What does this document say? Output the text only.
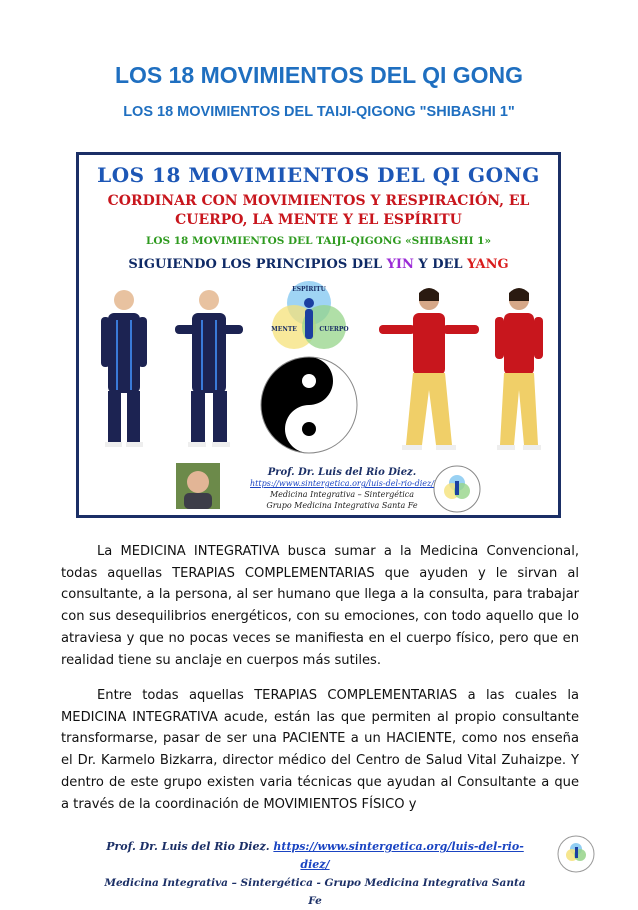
LOS 18 MOVIMIENTOS DEL QI GONG
LOS 18 MOVIMIENTOS DEL TAIJI-QIGONG "SHIBASHI 1"
LOS 18 MOVIMIENTOS DEL QI GONG
CORDINAR CON MOVIMIENTOS Y RESPIRACIÓN, EL
CUERPO, LA MENTE Y EL ESPÍRITU
LOS 18 MOVIMIENTOS DEL TAIJI-QIGONG «SHIBASHI 1»
SIGUIENDO LOS PRINCIPIOS DEL YIN Y DEL YANG
ESPÍRITU
MENTE	CUERPO
Prof. Dr. Luis del Rio Diez.
https://www.sintergetica.org/luis-del-rio-diez/
Medicina Integrativa – Sintergética
Grupo Medicina Integrativa Santa Fe

La MEDICINA INTEGRATIVA busca sumar a la Medicina Convencional, todas aquellas TERAPIAS COMPLEMENTARIAS que ayuden y le sirvan al consultante, a la persona, al ser humano que llega a la consulta, para trabajar con sus desequilibrios energéticos, con su emociones, con todo aquello que lo atraviesa y que no pocas veces se manifiesta en el cuerpo físico, pero que en realidad tiene su anclaje en cuerpos más sutiles.

Entre todas aquellas TERAPIAS COMPLEMENTARIAS a las cuales la MEDICINA INTEGRATIVA acude, están las que permiten al propio consultante transformarse, pasar de ser una PACIENTE a un HACIENTE, como nos enseña el Dr. Karmelo Bizkarra, director médico del Centro de Salud Vital Zuhaizpe. Y dentro de este grupo existen varia técnicas que ayudan al Consultante a que a través de la coordinación de MOVIMIENTOS FÍSICO y

Prof. Dr. Luis del Rio Diez. https://www.sintergetica.org/luis-del-rio-diez/
Medicina Integrativa – Sintergética - Grupo Medicina Integrativa Santa Fe
